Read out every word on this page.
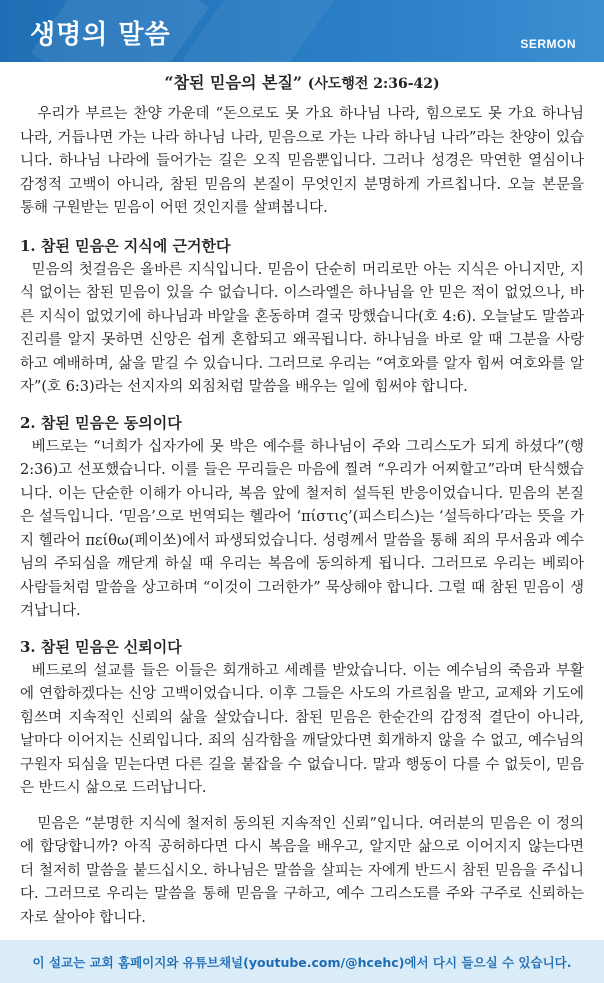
생명의 말씀	SERMON
“참된 믿음의 본질” (사도행전 2:36-42)

우리가 부르는 찬양 가운데 “돈으로도 못 가요 하나님 나라, 힘으로도 못 가요 하나님 나라, 거듭나면 가는 나라 하나님 나라, 믿음으로 가는 나라 하나님 나라”라는 찬양이 있습니다. 하나님 나라에 들어가는 길은 오직 믿음뿐입니다. 그러나 성경은 막연한 열심이나 감정적 고백이 아니라, 참된 믿음의 본질이 무엇인지 분명하게 가르칩니다. 오늘 본문을 통해 구원받는 믿음이 어떤 것인지를 살펴봅니다.

1. 참된 믿음은 지식에 근거한다

믿음의 첫걸음은 올바른 지식입니다. 믿음이 단순히 머리로만 아는 지식은 아니지만, 지식 없이는 참된 믿음이 있을 수 없습니다. 이스라엘은 하나님을 안 믿은 적이 없었으나, 바른 지식이 없었기에 하나님과 바알을 혼동하며 결국 망했습니다(호 4:6). 오늘날도 말씀과 진리를 알지 못하면 신앙은 쉽게 혼합되고 왜곡됩니다. 하나님을 바로 알 때 그분을 사랑하고 예배하며, 삶을 맡길 수 있습니다. 그러므로 우리는 “여호와를 알자 힘써 여호와를 알자”(호 6:3)라는 선지자의 외침처럼 말씀을 배우는 일에 힘써야 합니다.

2. 참된 믿음은 동의이다

베드로는 “너희가 십자가에 못 박은 예수를 하나님이 주와 그리스도가 되게 하셨다”(행 2:36)고 선포했습니다. 이를 들은 무리들은 마음에 찔려 “우리가 어찌할고”라며 탄식했습니다. 이는 단순한 이해가 아니라, 복음 앞에 철저히 설득된 반응이었습니다. 믿음의 본질은 설득입니다. ‘믿음’으로 번역되는 헬라어 ‘πίστις’(피스티스)는 ‘설득하다’라는 뜻을 가지 헬라어 πείθω(페이쏘)에서 파생되었습니다. 성령께서 말씀을 통해 죄의 무서움과 예수님의 주되심을 깨닫게 하실 때 우리는 복음에 동의하게 됩니다. 그러므로 우리는 베뢰아 사람들처럼 말씀을 상고하며 “이것이 그러한가” 묵상해야 합니다. 그럴 때 참된 믿음이 생겨납니다.

3. 참된 믿음은 신뢰이다

베드로의 설교를 들은 이들은 회개하고 세례를 받았습니다. 이는 예수님의 죽음과 부활에 연합하겠다는 신앙 고백이었습니다. 이후 그들은 사도의 가르침을 받고, 교제와 기도에 힘쓰며 지속적인 신뢰의 삶을 살았습니다. 참된 믿음은 한순간의 감정적 결단이 아니라, 날마다 이어지는 신뢰입니다. 죄의 심각함을 깨달았다면 회개하지 않을 수 없고, 예수님의 구원자 되심을 믿는다면 다른 길을 붙잡을 수 없습니다. 말과 행동이 다를 수 없듯이, 믿음은 반드시 삶으로 드러납니다.

믿음은 “분명한 지식에 철저히 동의된 지속적인 신뢰”입니다. 여러분의 믿음은 이 정의에 합당합니까? 아직 공허하다면 다시 복음을 배우고, 알지만 삶으로 이어지지 않는다면 더 철저히 말씀을 붙드십시오. 하나님은 말씀을 살피는 자에게 반드시 참된 믿음을 주십니다. 그러므로 우리는 말씀을 통해 믿음을 구하고, 예수 그리스도를 주와 구주로 신뢰하는 자로 살아야 합니다.

이 설교는 교회 홈페이지와 유튜브채널(youtube.com/@hcehc)에서 다시 들으실 수 있습니다.
